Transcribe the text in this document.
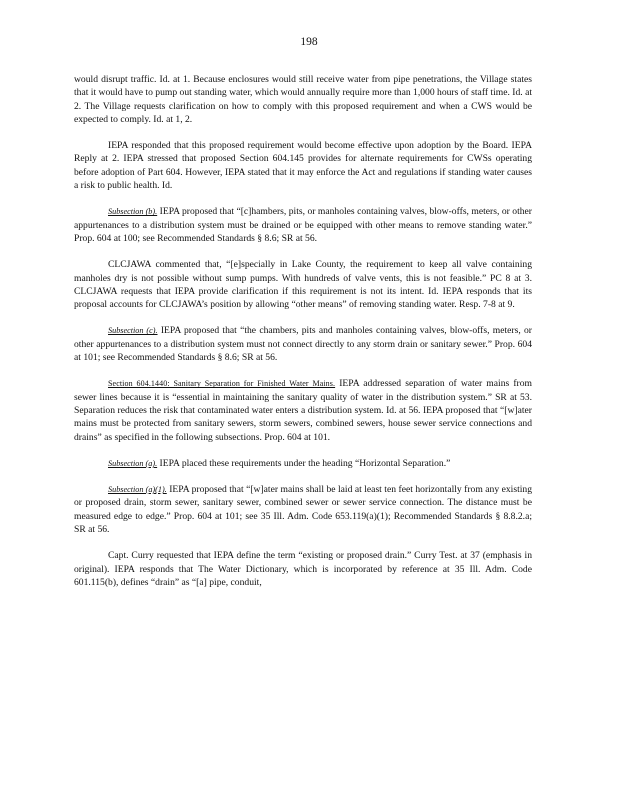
198

would disrupt traffic. Id. at 1. Because enclosures would still receive water from pipe penetrations, the Village states that it would have to pump out standing water, which would annually require more than 1,000 hours of staff time. Id. at 2. The Village requests clarification on how to comply with this proposed requirement and when a CWS would be expected to comply. Id. at 1, 2.

IEPA responded that this proposed requirement would become effective upon adoption by the Board. IEPA Reply at 2. IEPA stressed that proposed Section 604.145 provides for alternate requirements for CWSs operating before adoption of Part 604. However, IEPA stated that it may enforce the Act and regulations if standing water causes a risk to public health. Id.

Subsection (b). IEPA proposed that “[c]hambers, pits, or manholes containing valves, blow-offs, meters, or other appurtenances to a distribution system must be drained or be equipped with other means to remove standing water.” Prop. 604 at 100; see Recommended Standards § 8.6; SR at 56.

CLCJAWA commented that, “[e]specially in Lake County, the requirement to keep all valve containing manholes dry is not possible without sump pumps. With hundreds of valve vents, this is not feasible.” PC 8 at 3. CLCJAWA requests that IEPA provide clarification if this requirement is not its intent. Id. IEPA responds that its proposal accounts for CLCJAWA’s position by allowing “other means” of removing standing water. Resp. 7-8 at 9.

Subsection (c). IEPA proposed that “the chambers, pits and manholes containing valves, blow-offs, meters, or other appurtenances to a distribution system must not connect directly to any storm drain or sanitary sewer.” Prop. 604 at 101; see Recommended Standards § 8.6; SR at 56.

Section 604.1440: Sanitary Separation for Finished Water Mains. IEPA addressed separation of water mains from sewer lines because it is “essential in maintaining the sanitary quality of water in the distribution system.” SR at 53. Separation reduces the risk that contaminated water enters a distribution system. Id. at 56. IEPA proposed that “[w]ater mains must be protected from sanitary sewers, storm sewers, combined sewers, house sewer service connections and drains” as specified in the following subsections. Prop. 604 at 101.

Subsection (a). IEPA placed these requirements under the heading “Horizontal Separation.”

Subsection (a)(1). IEPA proposed that “[w]ater mains shall be laid at least ten feet horizontally from any existing or proposed drain, storm sewer, sanitary sewer, combined sewer or sewer service connection. The distance must be measured edge to edge.” Prop. 604 at 101; see 35 Ill. Adm. Code 653.119(a)(1); Recommended Standards § 8.8.2.a; SR at 56.

Capt. Curry requested that IEPA define the term “existing or proposed drain.” Curry Test. at 37 (emphasis in original). IEPA responds that The Water Dictionary, which is incorporated by reference at 35 Ill. Adm. Code 601.115(b), defines “drain” as “[a] pipe, conduit,
